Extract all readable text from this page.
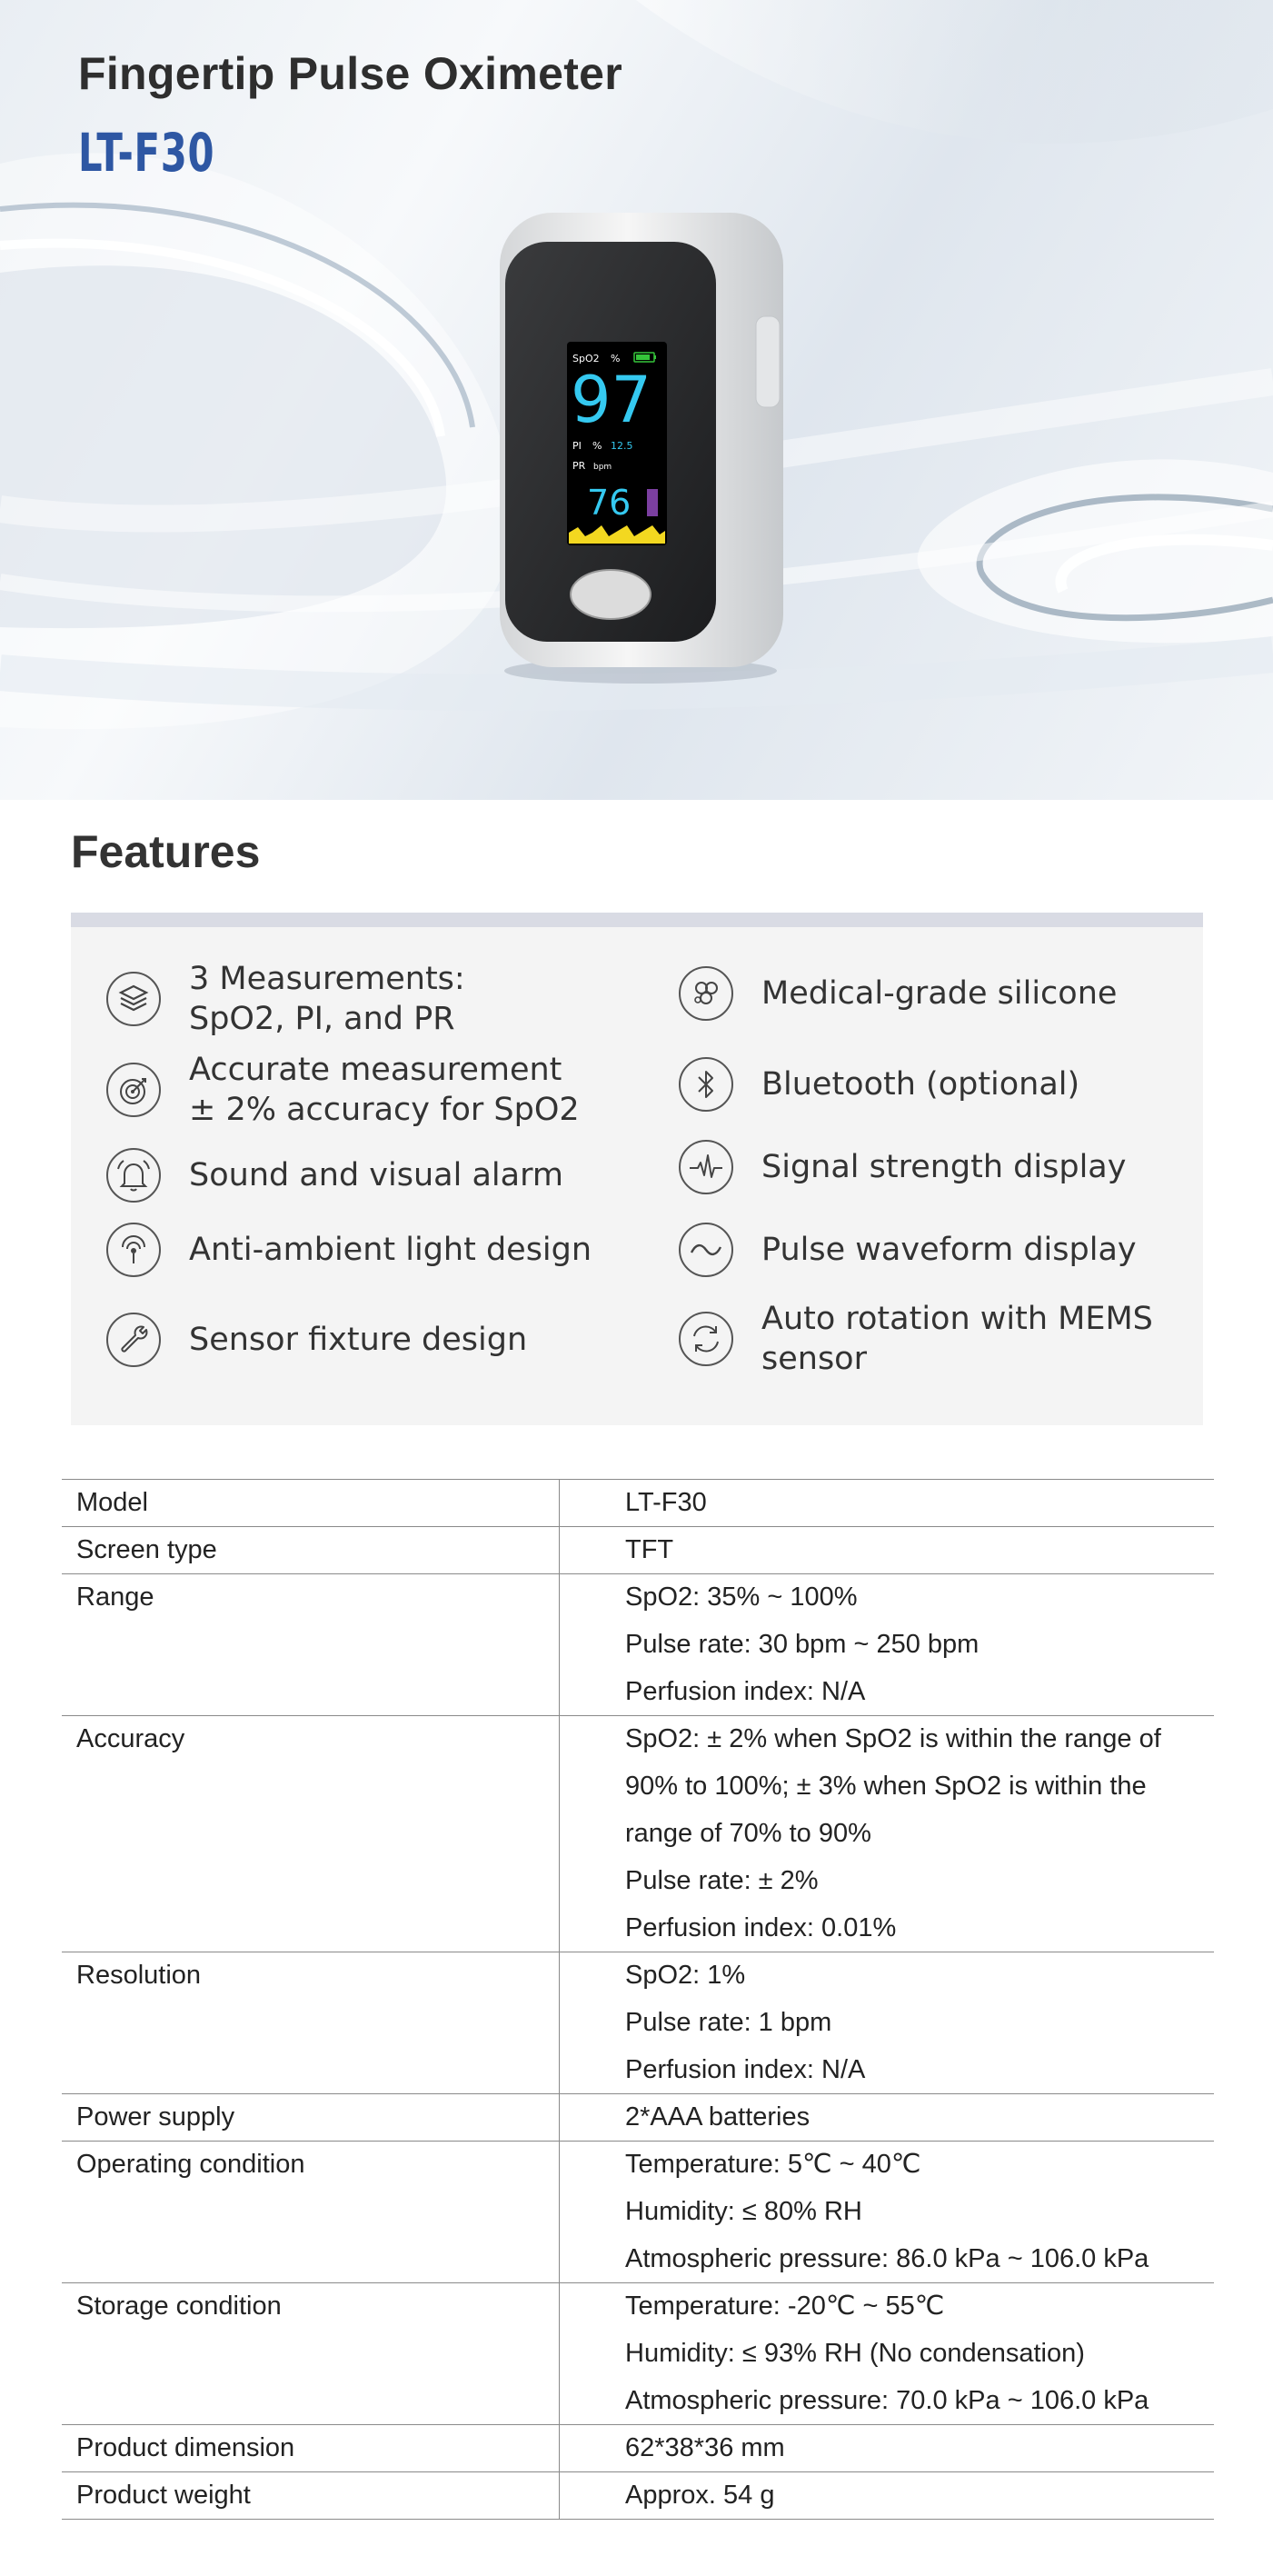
Fingertip Pulse Oximeter
LT-F30
SpO2 %
97
PI % 12.5
PR bpm
76
Features
3 Measurements:
SpO2, PI, and PR
Accurate measurement
± 2% accuracy for SpO2
Sound and visual alarm
Anti-ambient light design
Sensor fixture design
Medical-grade silicone
Bluetooth (optional)
Signal strength display
Pulse waveform display
Auto rotation with MEMS
sensor
Model	LT-F30

Screen type	TFT

Range	SpO2: 35% ~ 100%
Pulse rate: 30 bpm ~ 250 bpm
Perfusion index: N/A

Accuracy	SpO2: ± 2% when SpO2 is within the range of
90% to 100%; ± 3% when SpO2 is within the
range of 70% to 90%
Pulse rate: ± 2%
Perfusion index: 0.01%

Resolution	SpO2: 1%
Pulse rate: 1 bpm
Perfusion index: N/A

Power supply	2*AAA batteries

Operating condition	Temperature: 5℃ ~ 40℃
Humidity: ≤ 80% RH
Atmospheric pressure: 86.0 kPa ~ 106.0 kPa

Storage condition	Temperature: -20℃ ~ 55℃
Humidity: ≤ 93% RH (No condensation)
Atmospheric pressure: 70.0 kPa ~ 106.0 kPa

Product dimension	62*38*36 mm

Product weight	Approx. 54 g
